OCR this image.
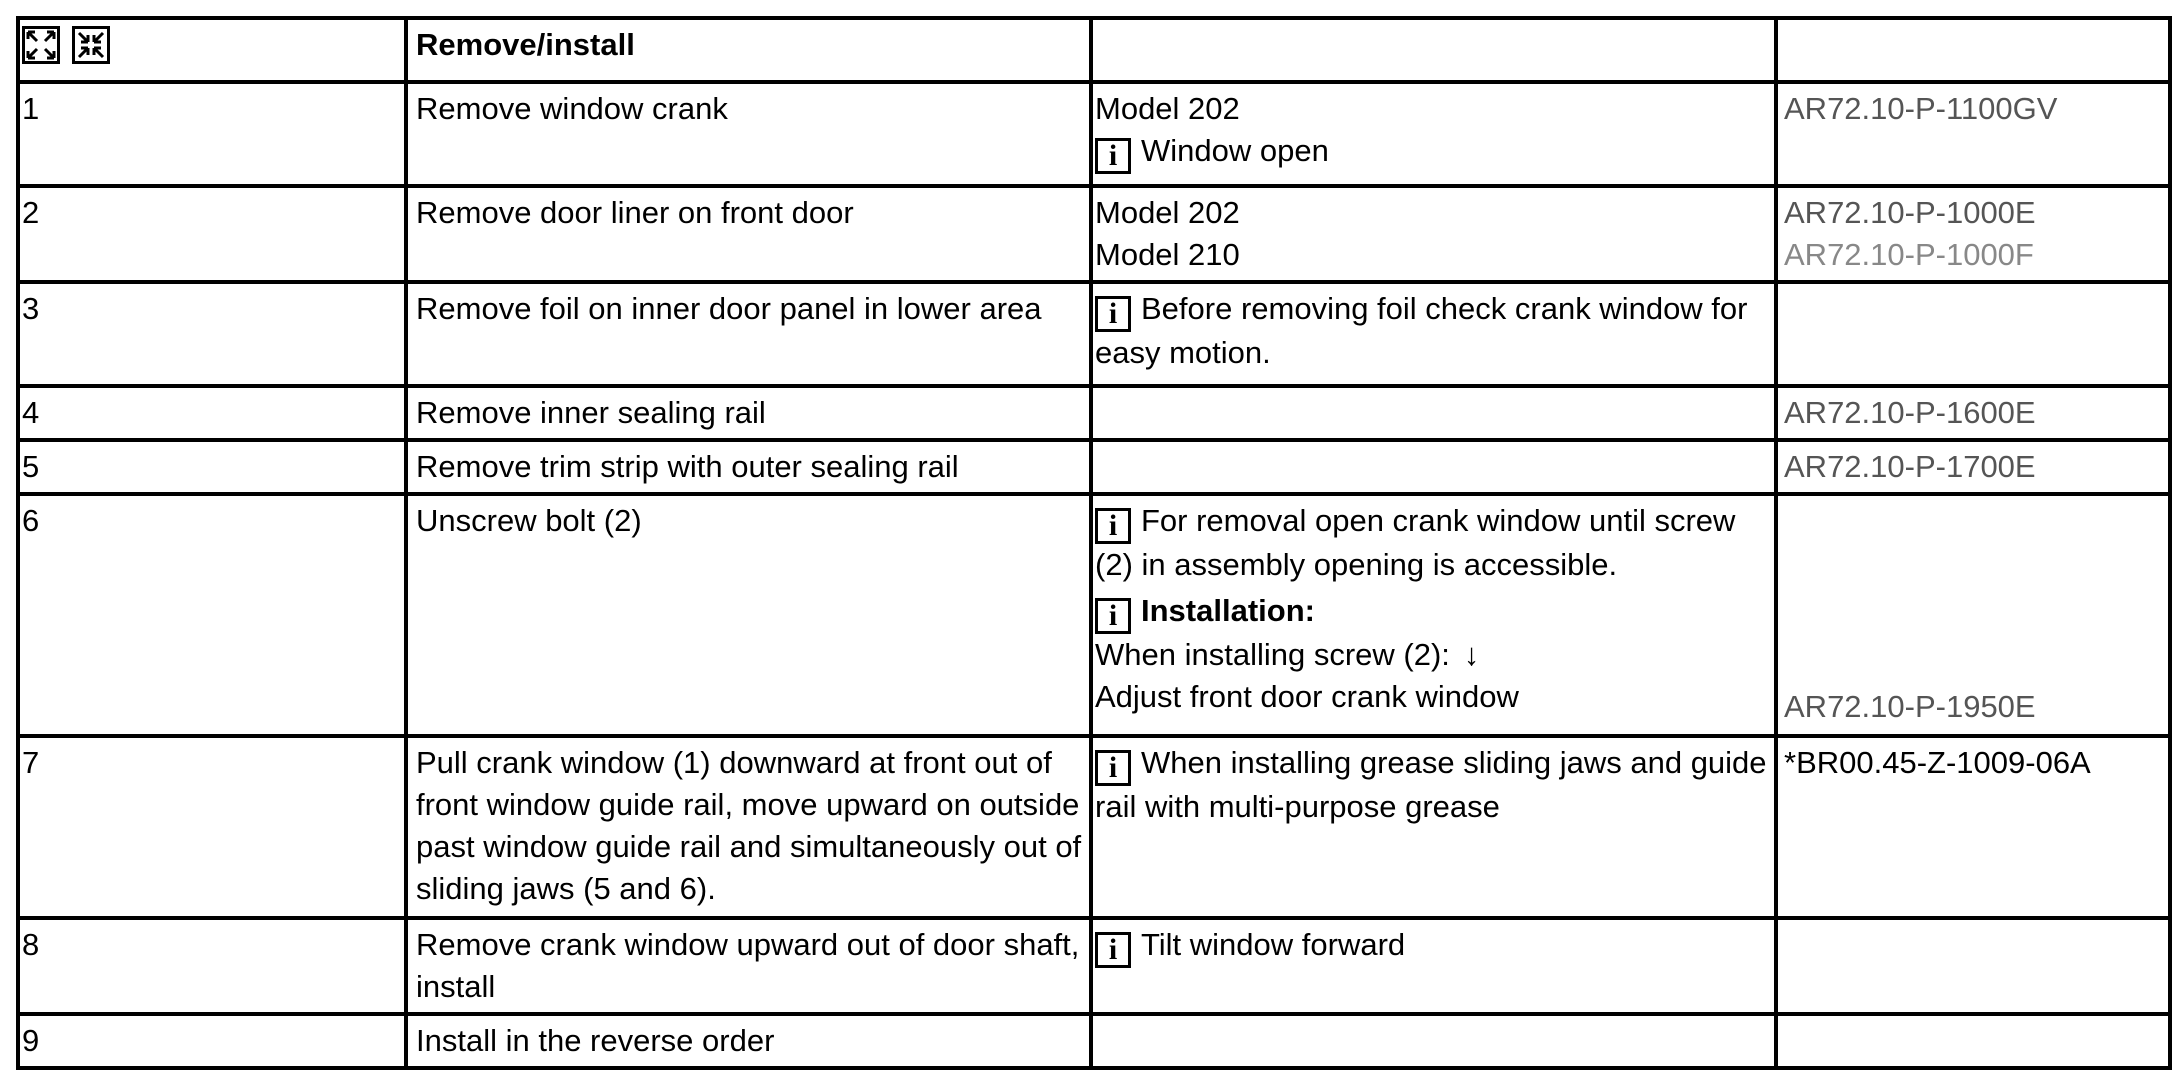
	Remove/install		
1	Remove window crank	Model 202
i Window open	AR72.10-P-1100GV

2	Remove door liner on front door	Model 202
Model 210	AR72.10-P-1000E
AR72.10-P-1000F

3	Remove foil on inner door panel in lower area	i Before removing foil check crank window for easy motion.	

4	Remove inner sealing rail		AR72.10-P-1600E

5	Remove trim strip with outer sealing rail		AR72.10-P-1700E

6	Unscrew bolt (2)	i For removal open crank window until screw (2) in assembly opening is accessible.
i Installation:
When installing screw (2): ↓
Adjust front door crank window	AR72.10-P-1950E

7	Pull crank window (1) downward at front out of front window guide rail, move upward on outside past window guide rail and simultaneously out of sliding jaws (5 and 6).	i When installing grease sliding jaws and guide rail with multi-purpose grease	*BR00.45-Z-1009-06A

8	Remove crank window upward out of door shaft, install	i Tilt window forward	

9	Install in the reverse order		
